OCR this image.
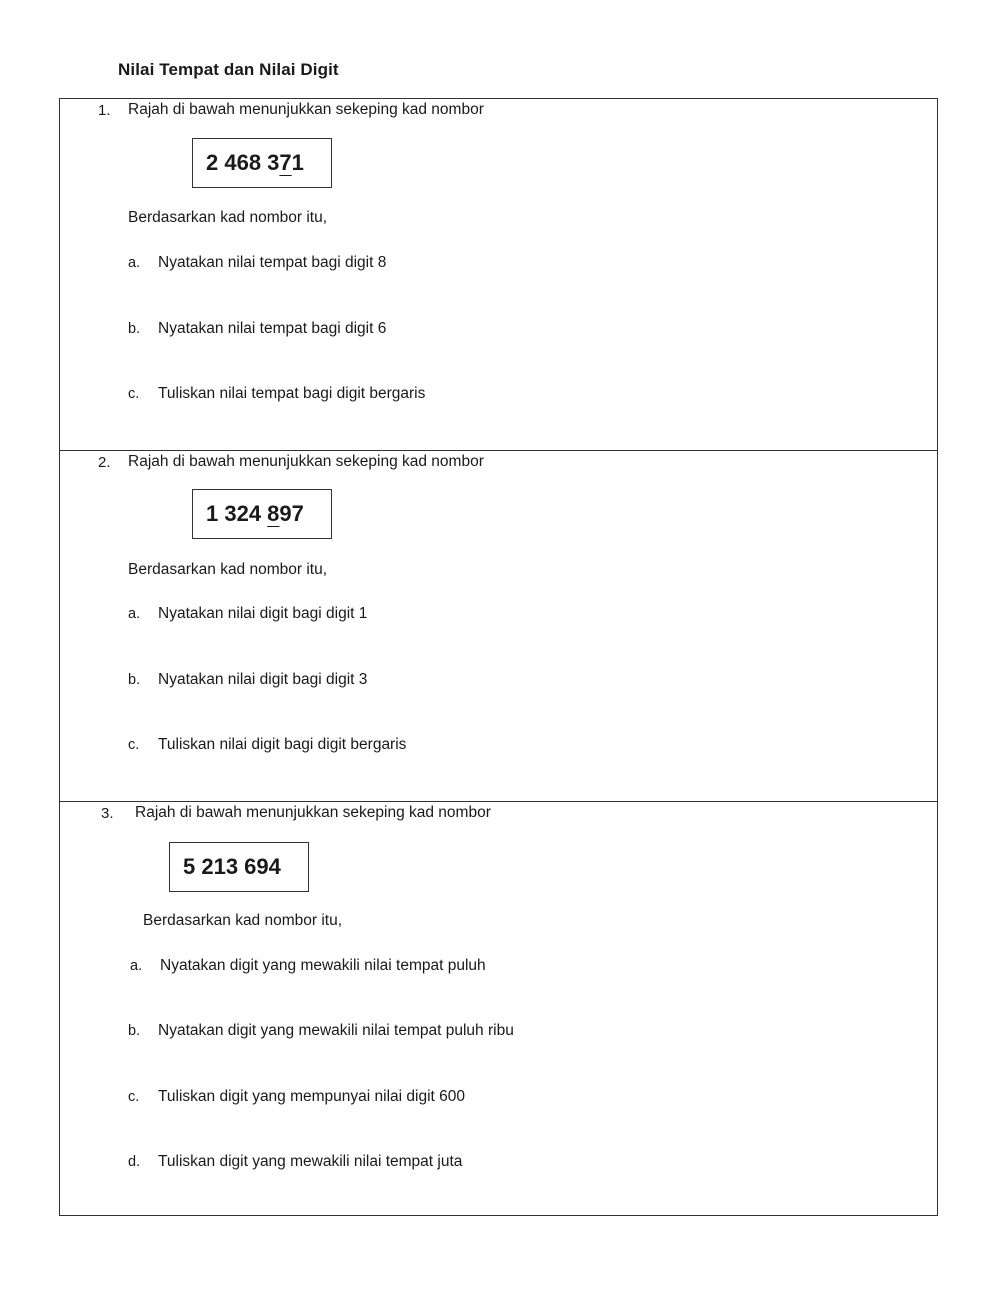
Nilai Tempat dan Nilai Digit
1. Rajah di bawah menunjukkan sekeping kad nombor
2 468 371
Berdasarkan kad nombor itu,
a. Nyatakan nilai tempat bagi digit 8
b. Nyatakan nilai tempat bagi digit 6
c. Tuliskan nilai tempat bagi digit bergaris
2. Rajah di bawah menunjukkan sekeping kad nombor
1 324 897
Berdasarkan kad nombor itu,
a. Nyatakan nilai digit bagi digit 1
b. Nyatakan nilai digit bagi digit 3
c. Tuliskan nilai digit bagi digit bergaris
3. Rajah di bawah menunjukkan sekeping kad nombor
5 213 694
Berdasarkan kad nombor itu,
a. Nyatakan digit yang mewakili nilai tempat puluh
b. Nyatakan digit yang mewakili nilai tempat puluh ribu
c. Tuliskan digit yang mempunyai nilai digit 600
d. Tuliskan digit yang mewakili nilai tempat juta
